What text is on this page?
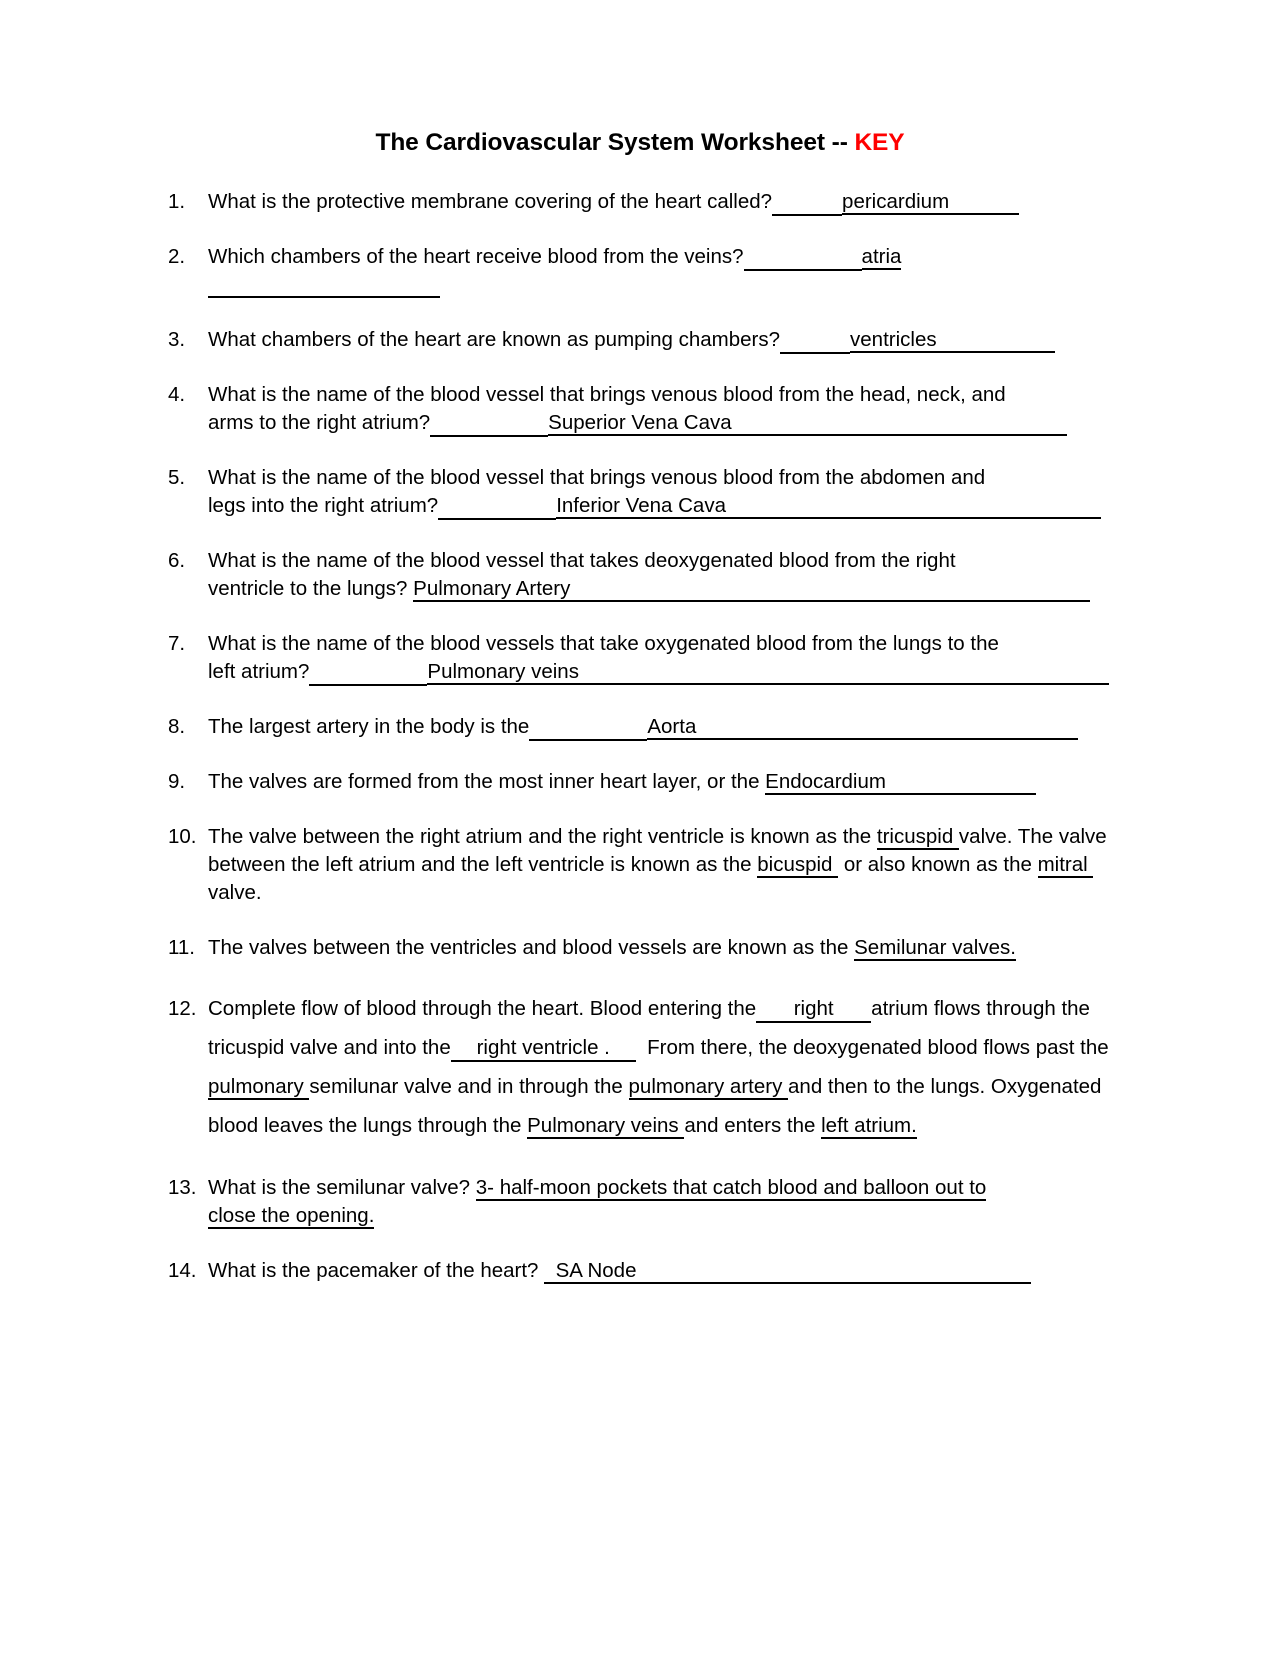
The Cardiovascular System Worksheet -- KEY
1.	What is the protective membrane covering of the heart called?	pericardium
2.	Which chambers of the heart receive blood from the veins?	atria
3.	What chambers of the heart are known as pumping chambers?	ventricles
4.	What is the name of the blood vessel that brings venous blood from the head, neck, and
arms to the right atrium?	Superior Vena Cava
5.	What is the name of the blood vessel that brings venous blood from the abdomen and
legs into the right atrium?	Inferior Vena Cava
6.	What is the name of the blood vessel that takes deoxygenated blood from the right
ventricle to the lungs? Pulmonary Artery
7.	What is the name of the blood vessels that take oxygenated blood from the lungs to the
left atrium?	Pulmonary veins
8.	The largest artery in the body is the	Aorta
9.	The valves are formed from the most inner heart layer, or the Endocardium
10. The valve between the right atrium and the right ventricle is known as the tricuspid valve. The valve between the left atrium and the left ventricle is known as the bicuspid  or also known as the mitral valve.
11. The valves between the ventricles and blood vessels are known as the Semilunar valves.
12. Complete flow of blood through the heart. Blood entering the right atrium flows through the tricuspid valve and into the right ventricle . From there, the deoxygenated blood flows past the pulmonary semilunar valve and in through the pulmonary artery and then to the lungs. Oxygenated blood leaves the lungs through the Pulmonary veins and enters the left atrium.
13. What is the semilunar valve? 3- half-moon pockets that catch blood and balloon out to
close the opening.
14. What is the pacemaker of the heart? SA Node
